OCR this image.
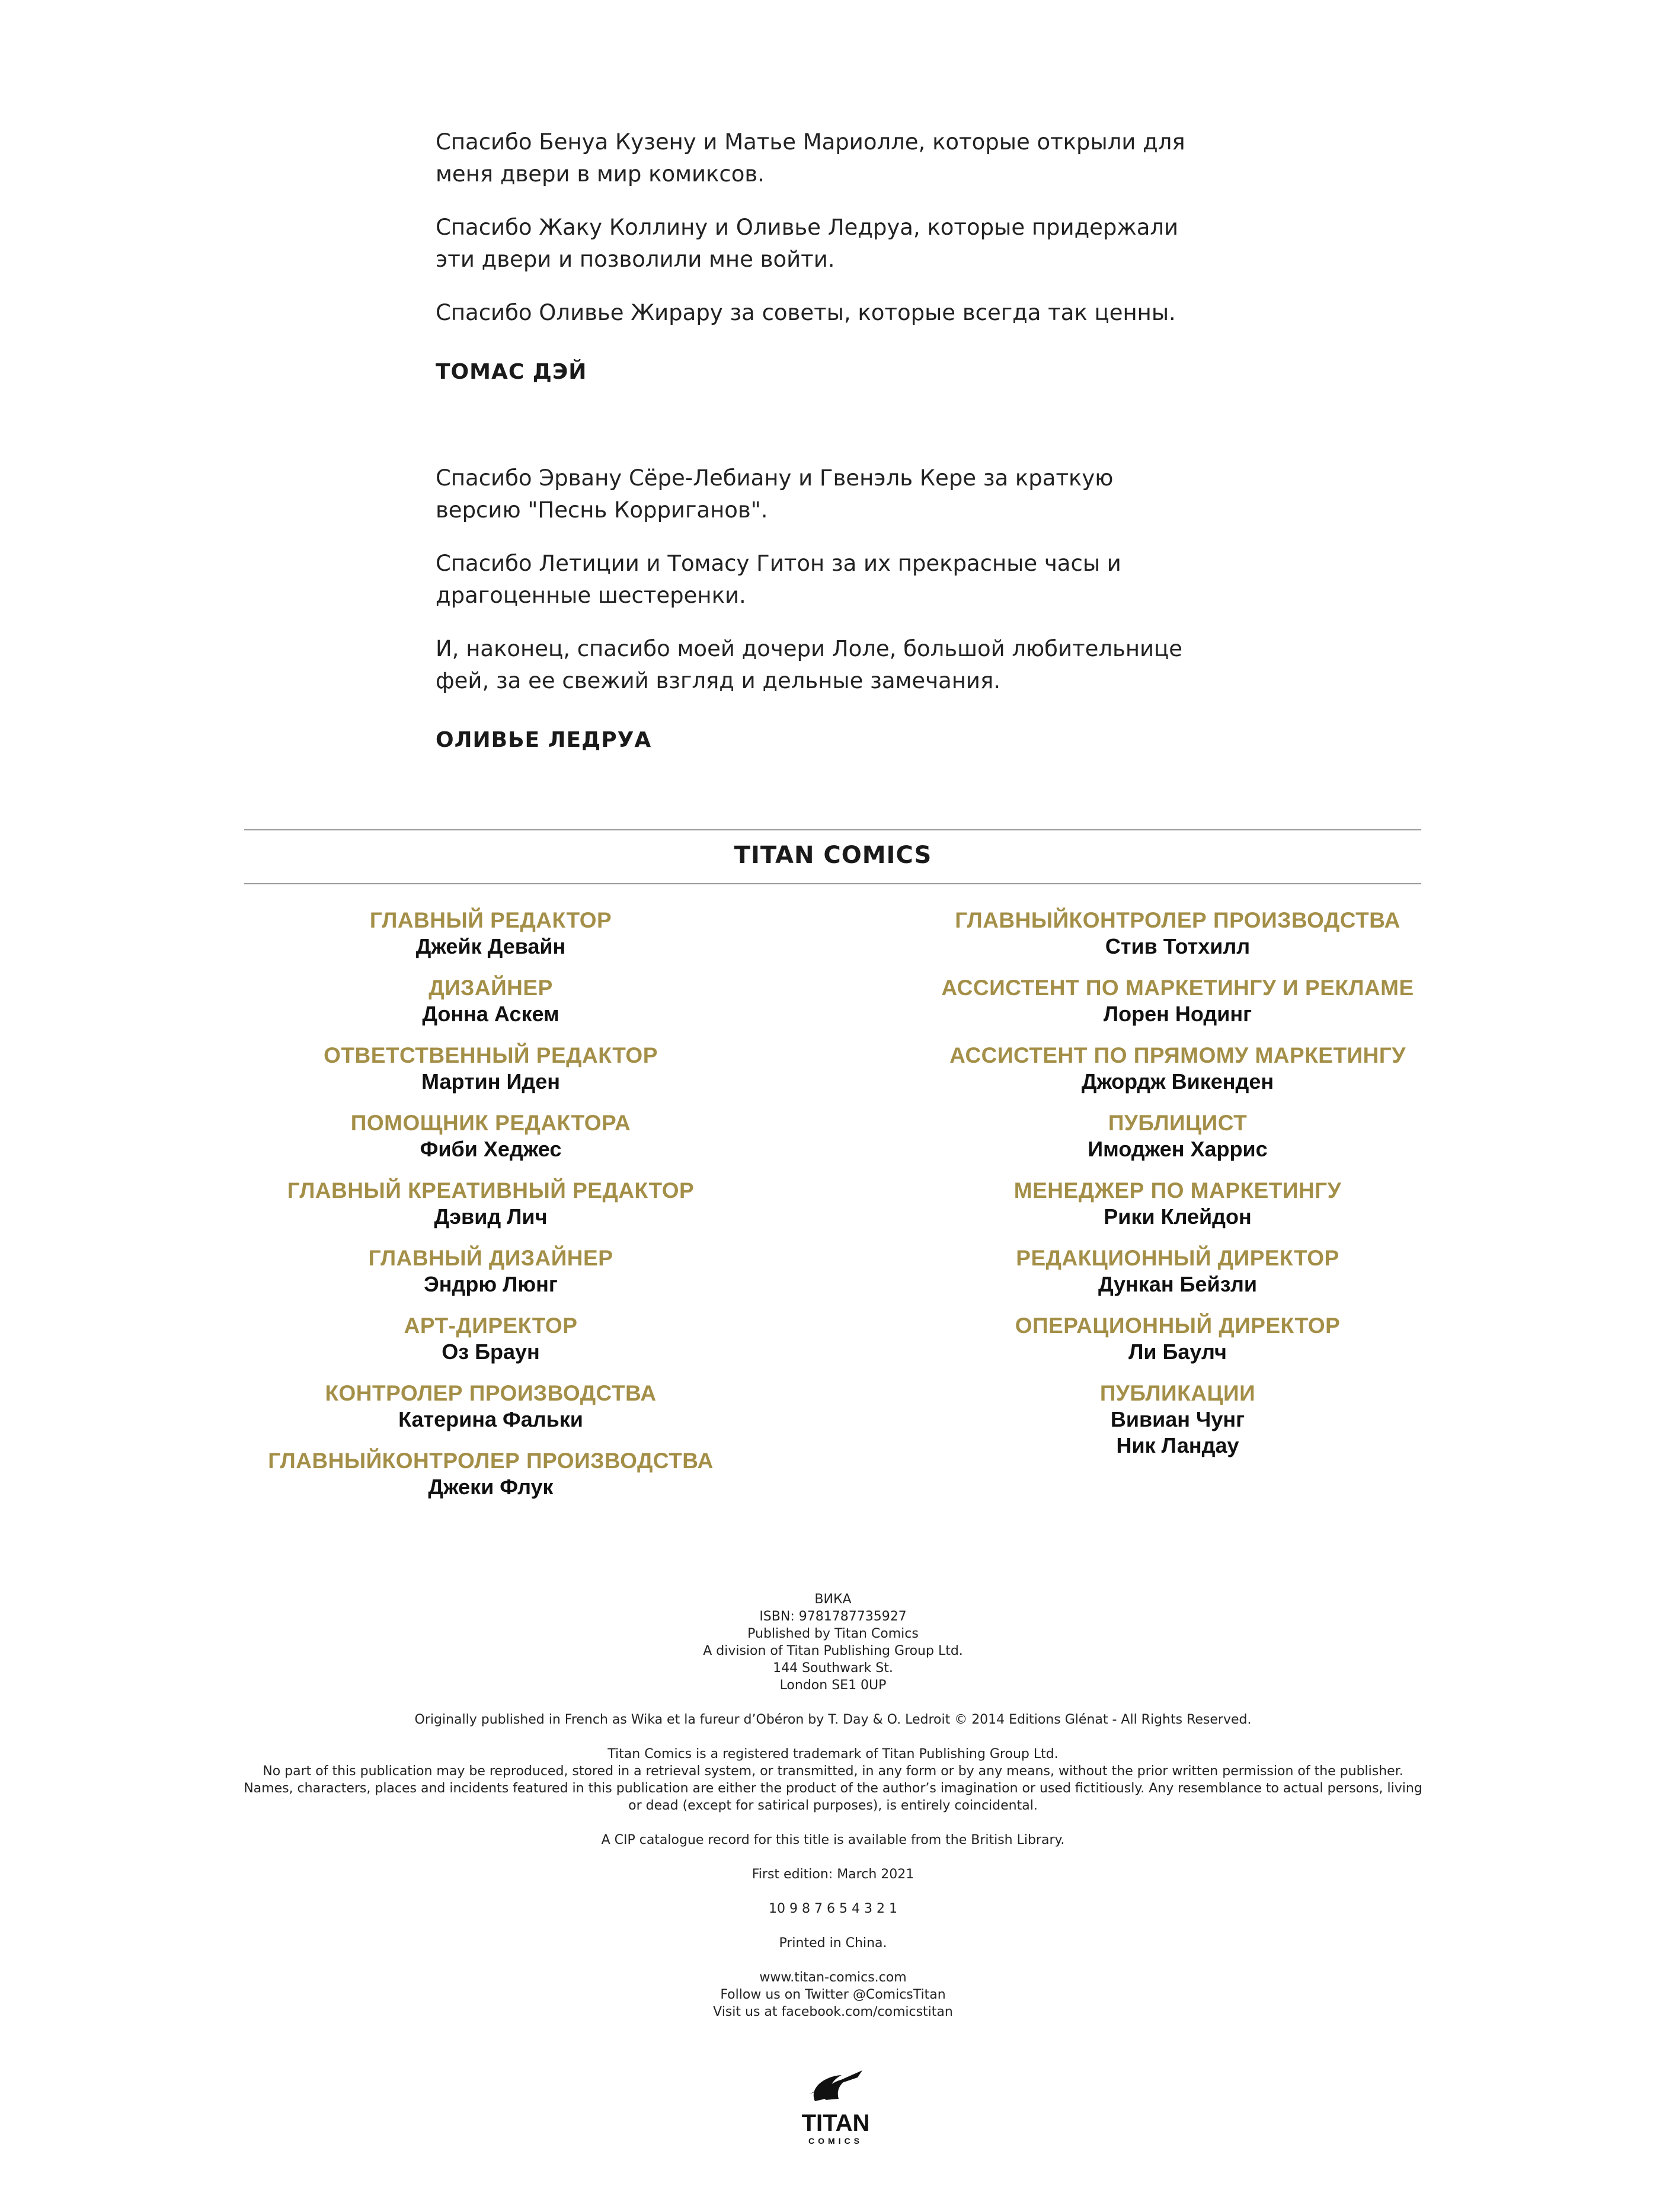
Спасибо Бенуа Кузену и Матье Мариолле, которые открыли для
меня двери в мир комиксов.

Спасибо Жаку Коллину и Оливье Ледруа, которые придержали
эти двери и позволили мне войти.

Спасибо Оливье Жирару за советы, которые всегда так ценны.

ТОМАС ДЭЙ

Спасибо Эрвану Сёре-Лебиану и Гвенэль Кере за краткую
версию "Песнь Корриганов".

Спасибо Летиции и Томасу Гитон за их прекрасные часы и
драгоценные шестеренки.

И, наконец, спасибо моей дочери Лоле, большой любительнице
фей, за ее свежий взгляд и дельные замечания.

ОЛИВЬЕ ЛЕДРУА
TITAN COMICS
ГЛАВНЫЙ РЕДАКТОР
Джейк Девайн
ДИЗАЙНЕР
Донна Аскем
ОТВЕТСТВЕННЫЙ РЕДАКТОР
Мартин Иден
ПОМОЩНИК РЕДАКТОРА
Фиби Хеджес
ГЛАВНЫЙ КРЕАТИВНЫЙ РЕДАКТОР
Дэвид Лич
ГЛАВНЫЙ ДИЗАЙНЕР
Эндрю Люнг
АРТ-ДИРЕКТОР
Оз Браун
КОНТРОЛЕР ПРОИЗВОДСТВА
Катерина Фальки
ГЛАВНЫЙКОНТРОЛЕР ПРОИЗВОДСТВА
Джеки Флук
ГЛАВНЫЙКОНТРОЛЕР ПРОИЗВОДСТВА
Стив Тотхилл
АССИСТЕНТ ПО МАРКЕТИНГУ И РЕКЛАМЕ
Лорен Нодинг
АССИСТЕНТ ПО ПРЯМОМУ МАРКЕТИНГУ
Джордж Викенден
ПУБЛИЦИСТ
Имоджен Харрис
МЕНЕДЖЕР ПО МАРКЕТИНГУ
Рики Клейдон
РЕДАКЦИОННЫЙ ДИРЕКТОР
Дункан Бейзли
ОПЕРАЦИОННЫЙ ДИРЕКТОР
Ли Баулч
ПУБЛИКАЦИИ
Вивиан Чунг
Ник Ландау
ВИКА
ISBN: 9781787735927
Published by Titan Comics
A division of Titan Publishing Group Ltd.
144 Southwark St.
London SE1 0UP
Originally published in French as Wika et la fureur d’Obéron by T. Day & O. Ledroit © 2014 Editions Glénat - All Rights Reserved.
Titan Comics is a registered trademark of Titan Publishing Group Ltd.
No part of this publication may be reproduced, stored in a retrieval system, or transmitted, in any form or by any means, without the prior written permission of the publisher.
Names, characters, places and incidents featured in this publication are either the product of the author’s imagination or used fictitiously. Any resemblance to actual persons, living
or dead (except for satirical purposes), is entirely coincidental.
A CIP catalogue record for this title is available from the British Library.
First edition: March 2021
10 9 8 7 6 5 4 3 2 1
Printed in China.
www.titan-comics.com
Follow us on Twitter @ComicsTitan
Visit us at facebook.com/comicstitan
TITAN
COMICS
